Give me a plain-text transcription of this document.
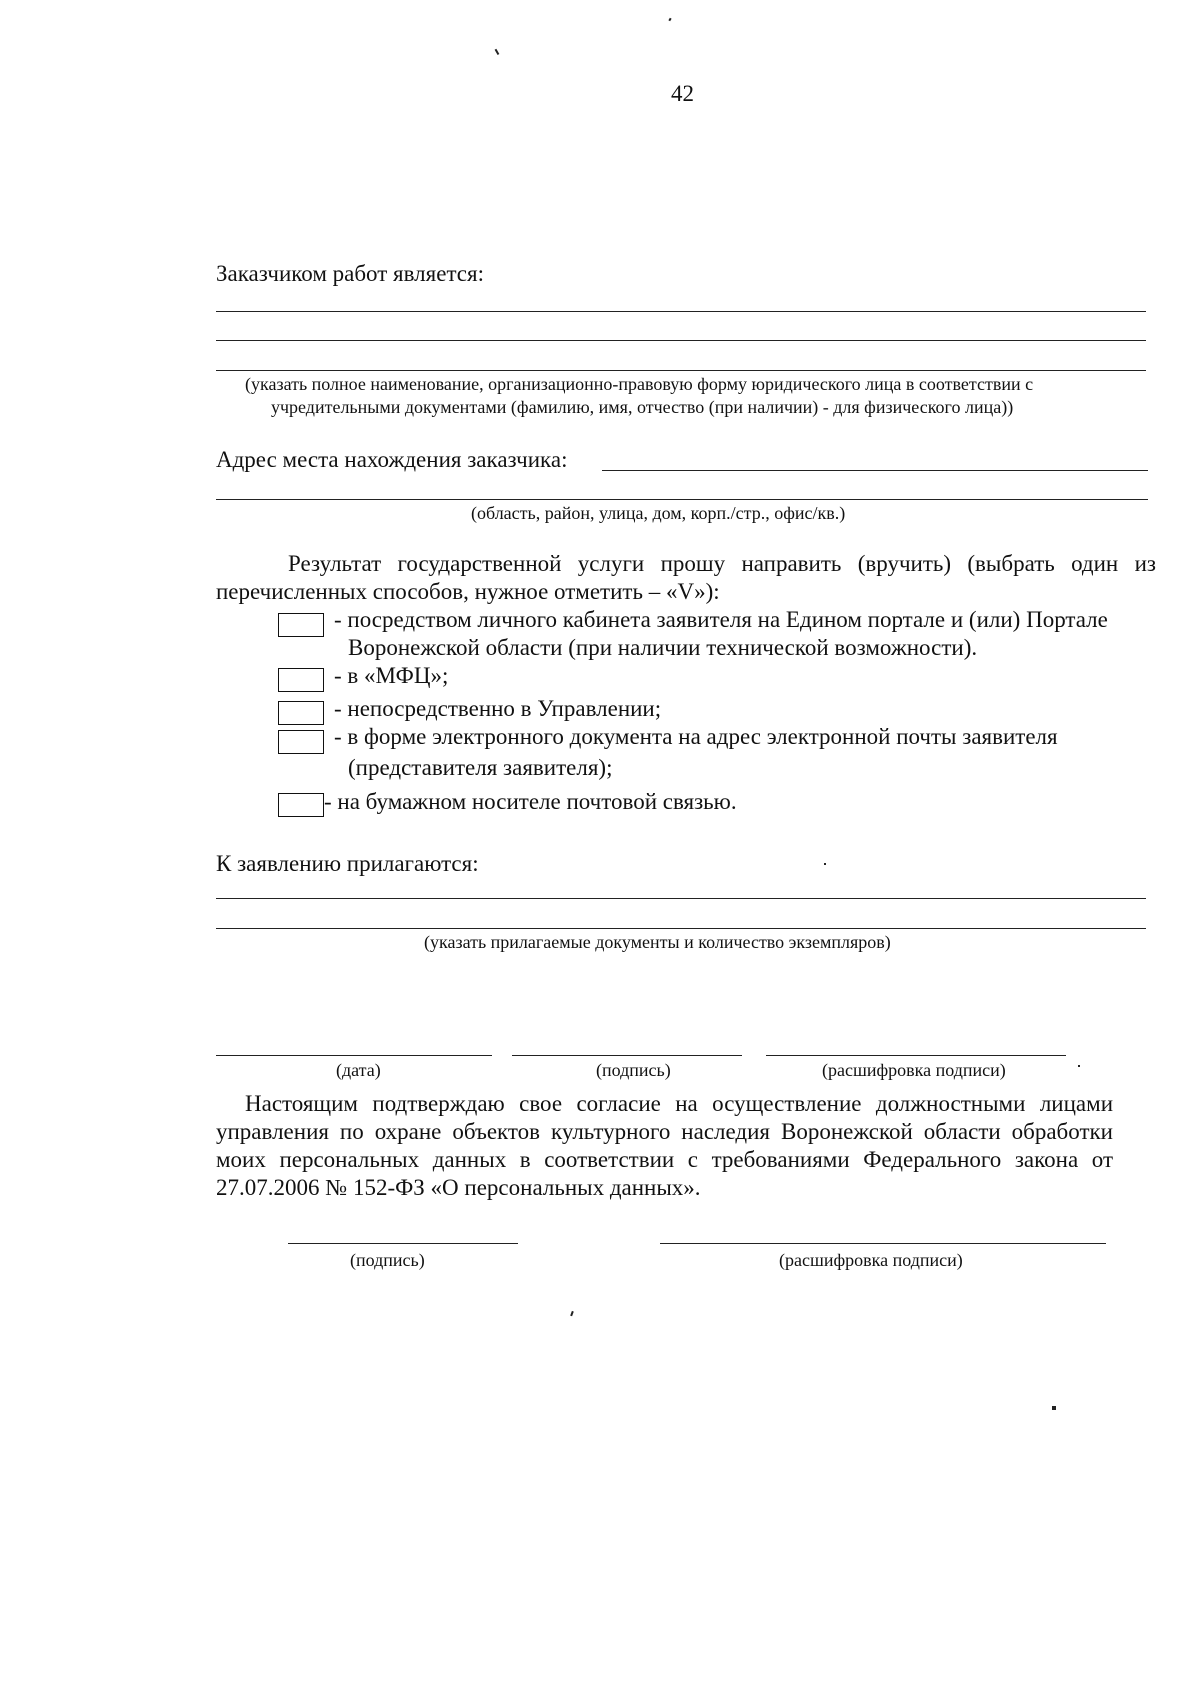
42
Заказчиком работ является:
(указать полное наименование, организационно-правовую форму юридического лица в соответствии с
учредительными документами (фамилию, имя, отчество (при наличии) - для физического лица))
Адрес места нахождения заказчика:
(область, район, улица, дом, корп./стр., офис/кв.)
Результат государственной услуги прошу направить (вручить) (выбрать один из
перечисленных способов, нужное отметить – «V»):
- посредством личного кабинета заявителя на Едином портале и (или) Портале
Воронежской области (при наличии технической возможности).
- в «МФЦ»;
- непосредственно в Управлении;
- в форме электронного документа на адрес электронной почты заявителя
(представителя заявителя);
- на бумажном носителе почтовой связью.
К заявлению прилагаются:
(указать прилагаемые документы и количество экземпляров)
(дата)	(подпись)	(расшифровка подписи)
Настоящим подтверждаю свое согласие на осуществление должностными лицами
управления по охране объектов культурного наследия Воронежской области обработки
моих персональных данных в соответствии с требованиями Федерального закона от
27.07.2006 № 152-ФЗ «О персональных данных».
(подпись)	(расшифровка подписи)
